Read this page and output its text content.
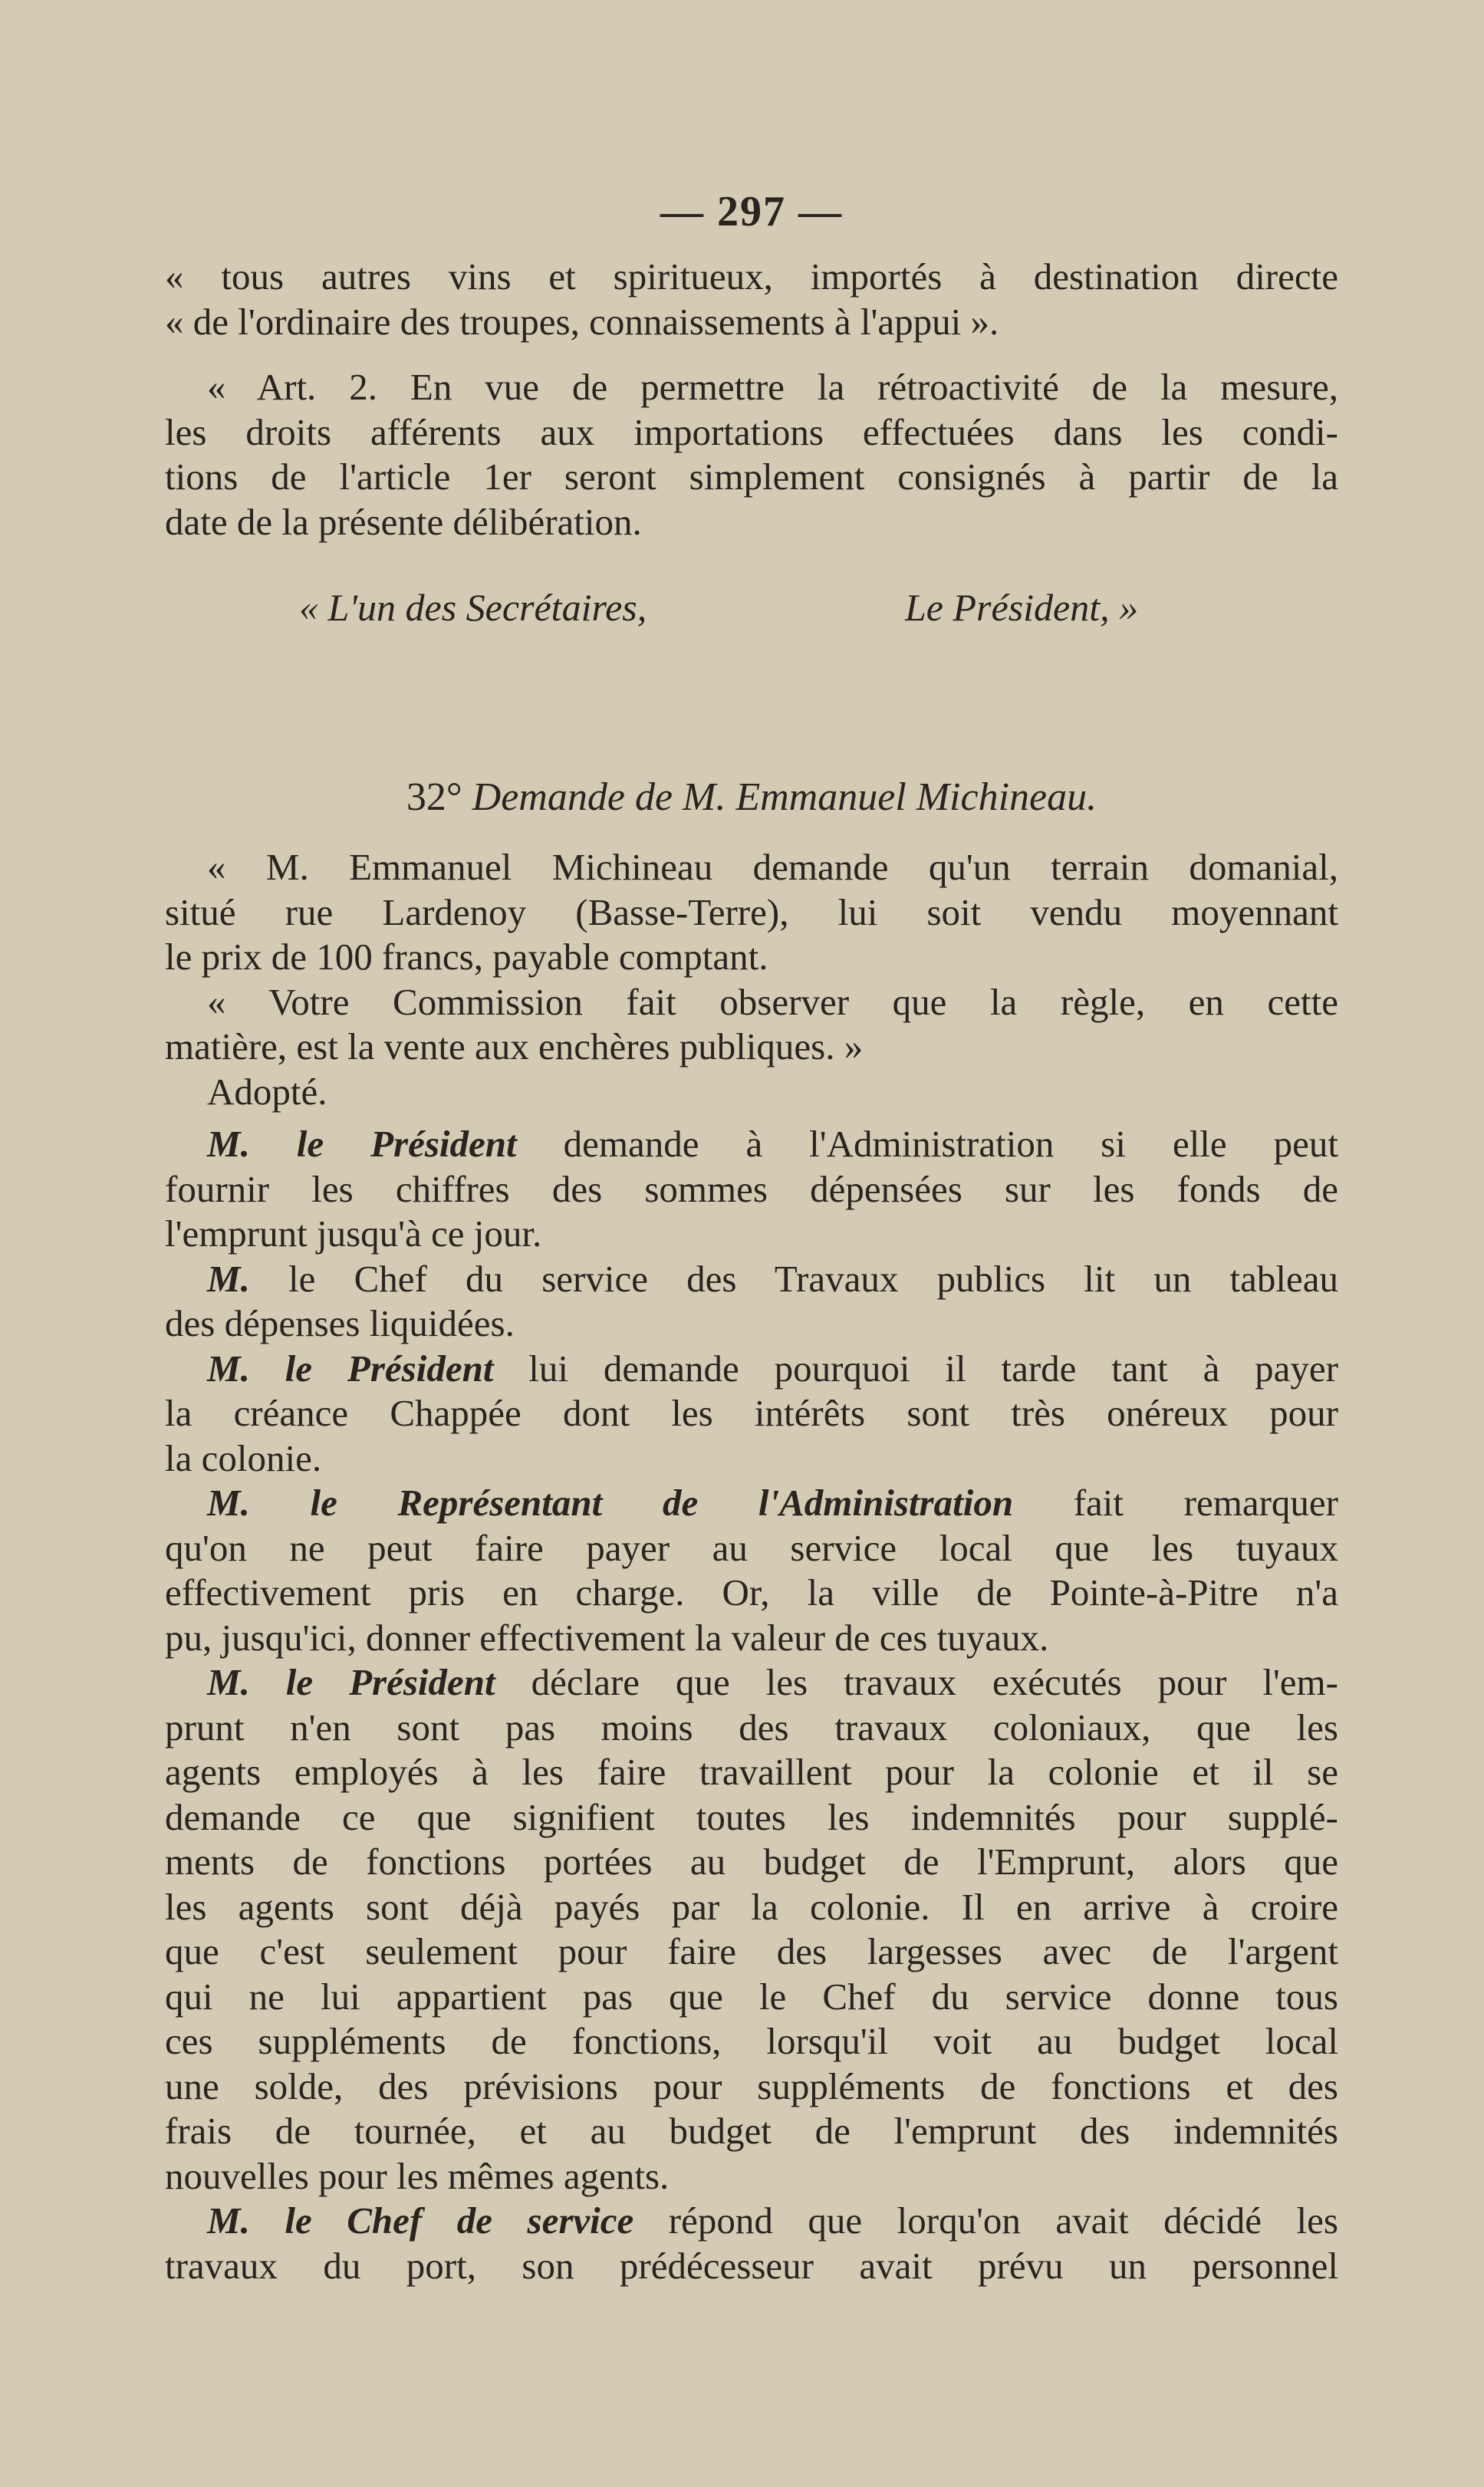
— 297 —
« tous autres vins et spiritueux, importés à destination directe
« de l'ordinaire des troupes, connaissements à l'appui ».
« Art. 2. En vue de permettre la rétroactivité de la mesure,
les droits afférents aux importations effectuées dans les condi-
tions de l'article 1er seront simplement consignés à partir de la
date de la présente délibération.
« L'un des Secrétaires,	Le Président, »
32° Demande de M. Emmanuel Michineau.
« M. Emmanuel Michineau demande qu'un terrain domanial,
situé rue Lardenoy (Basse-Terre), lui soit vendu moyennant
le prix de 100 francs, payable comptant.
« Votre Commission fait observer que la règle, en cette
matière, est la vente aux enchères publiques. »
Adopté.
M. le Président demande à l'Administration si elle peut
fournir les chiffres des sommes dépensées sur les fonds de
l'emprunt jusqu'à ce jour.
M. le Chef du service des Travaux publics lit un tableau
des dépenses liquidées.
M. le Président lui demande pourquoi il tarde tant à payer
la créance Chappée dont les intérêts sont très onéreux pour
la colonie.
M. le Représentant de l'Administration fait remarquer
qu'on ne peut faire payer au service local que les tuyaux
effectivement pris en charge. Or, la ville de Pointe-à-Pitre n'a
pu, jusqu'ici, donner effectivement la valeur de ces tuyaux.
M. le Président déclare que les travaux exécutés pour l'em-
prunt n'en sont pas moins des travaux coloniaux, que les
agents employés à les faire travaillent pour la colonie et il se
demande ce que signifient toutes les indemnités pour supplé-
ments de fonctions portées au budget de l'Emprunt, alors que
les agents sont déjà payés par la colonie. Il en arrive à croire
que c'est seulement pour faire des largesses avec de l'argent
qui ne lui appartient pas que le Chef du service donne tous
ces suppléments de fonctions, lorsqu'il voit au budget local
une solde, des prévisions pour suppléments de fonctions et des
frais de tournée, et au budget de l'emprunt des indemnités
nouvelles pour les mêmes agents.
M. le Chef de service répond que lorqu'on avait décidé les
travaux du port, son prédécesseur avait prévu un personnel
